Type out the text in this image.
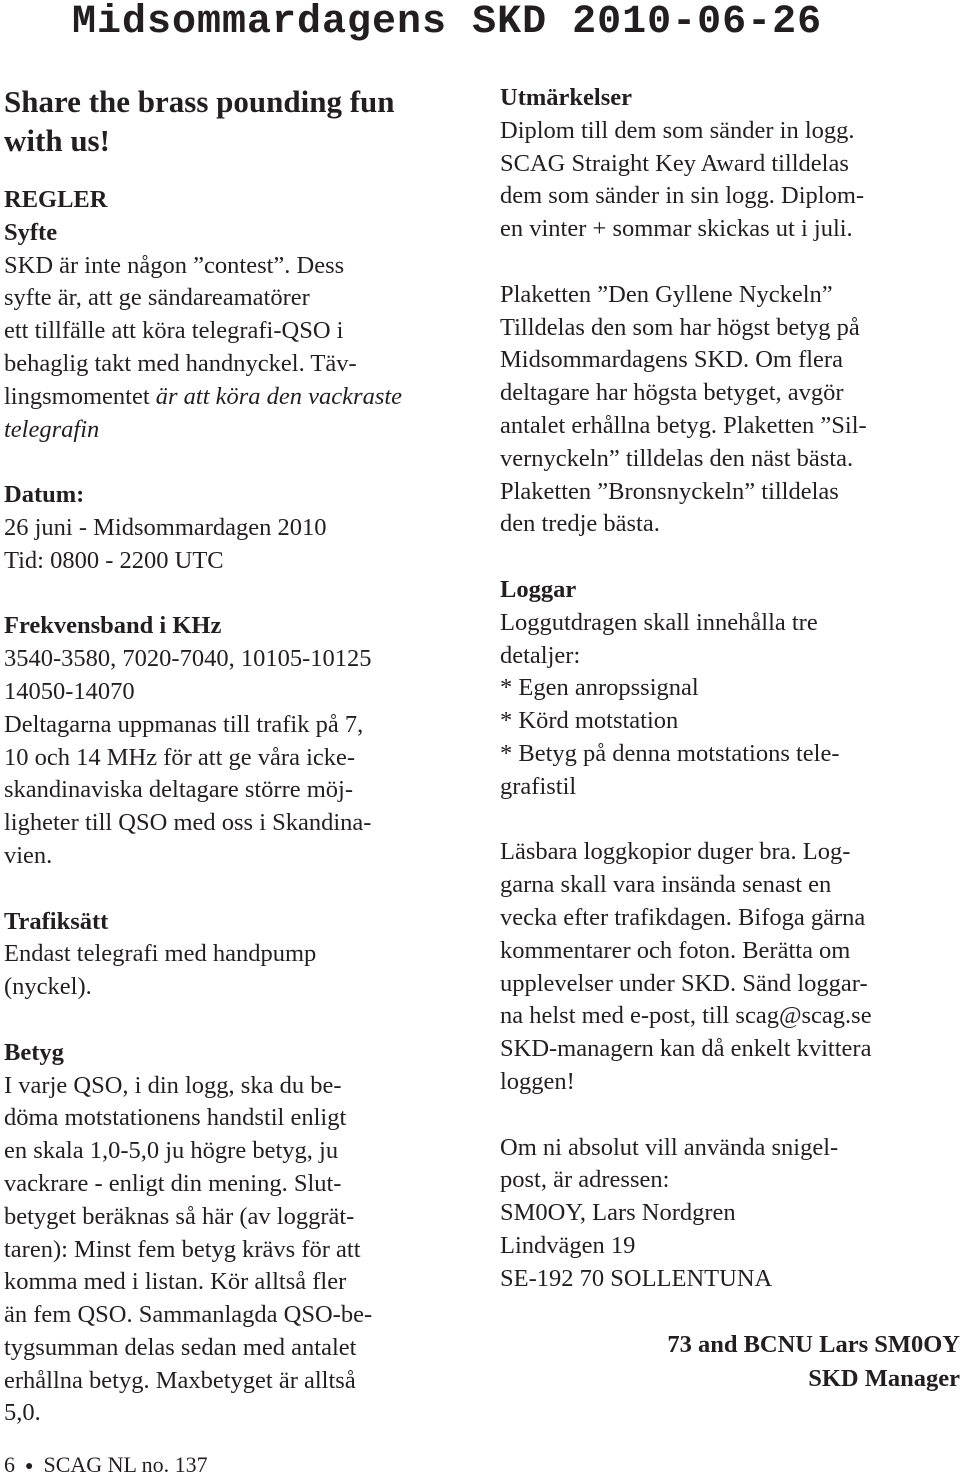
Midsommardagens SKD 2010-06-26

Share the brass pounding fun

with us!

REGLER

Syfte

SKD är inte någon ”contest”. Dess

syfte är, att ge sändareamatörer

ett tillfälle att köra telegrafi-QSO i

behaglig takt med handnyckel. Täv-

lingsmomentet är att köra den vackraste

telegrafin

Datum:

26 juni - Midsommardagen 2010

Tid: 0800 - 2200 UTC

Frekvensband i KHz

3540-3580, 7020-7040, 10105-10125

14050-14070

Deltagarna uppmanas till trafik på 7,

10 och 14 MHz för att ge våra icke-

skandinaviska deltagare större möj-

ligheter till QSO med oss i Skandina-

vien.

Trafiksätt

Endast telegrafi med handpump

(nyckel).

Betyg

I varje QSO, i din logg, ska du be-

döma motstationens handstil enligt

en skala 1,0-5,0 ju högre betyg, ju

vackrare - enligt din mening. Slut-

betyget beräknas så här (av loggrät-

taren): Minst fem betyg krävs för att

komma med i listan. Kör alltså fler

än fem QSO. Sammanlagda QSO-be-

tygsumman delas sedan med antalet

erhållna betyg. Maxbetyget är alltså

5,0.

Utmärkelser

Diplom till dem som sänder in logg.

SCAG Straight Key Award tilldelas

dem som sänder in sin logg. Diplom-

en vinter + sommar skickas ut i juli.

Plaketten ”Den Gyllene Nyckeln”

Tilldelas den som har högst betyg på

Midsommardagens SKD. Om flera

deltagare har högsta betyget, avgör

antalet erhållna betyg. Plaketten ”Sil-

vernyckeln” tilldelas den näst bästa.

Plaketten ”Bronsnyckeln” tilldelas

den tredje bästa.

Loggar

Loggutdragen skall innehålla tre

detaljer:

* Egen anropssignal

* Körd motstation

* Betyg på denna motstations tele-

grafistil

Läsbara loggkopior duger bra. Log-

garna skall vara insända senast en

vecka efter trafikdagen. Bifoga gärna

kommentarer och foton. Berätta om

upplevelser under SKD. Sänd loggar-

na helst med e-post, till scag@scag.se

SKD-managern kan då enkelt kvittera

loggen!

Om ni absolut vill använda snigel-

post, är adressen:

SM0OY, Lars Nordgren

Lindvägen 19

SE-192 70 SOLLENTUNA

73 and BCNU Lars SM0OY

SKD Manager

6 ● SCAG NL no. 137
